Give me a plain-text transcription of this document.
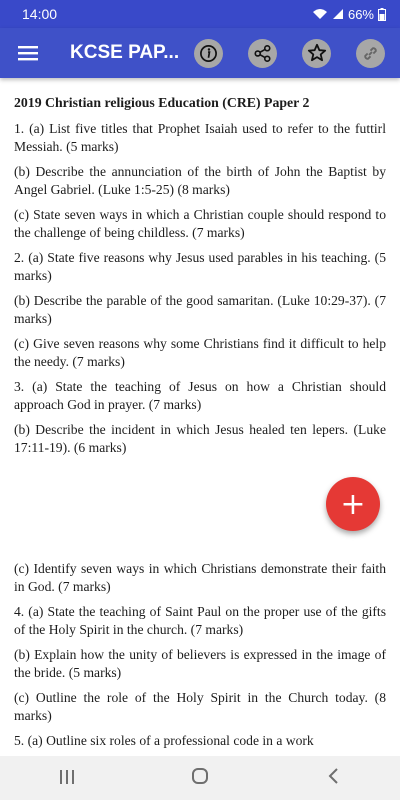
14:00	66%
KCSE PAP...
2019 Christian religious Education (CRE) Paper 2

1. (a) List five titles that Prophet Isaiah used to refer to the futtirl Messiah. (5 marks)

(b) Describe the annunciation of the birth of John the Baptist by Angel Gabriel. (Luke 1:5-25) (8 marks)

(c) State seven ways in which a Christian couple should respond to the challenge of being childless. (7 marks)

2. (a) State five reasons why Jesus used parables in his teaching. (5 marks)

(b) Describe the parable of the good samaritan. (Luke 10:29-37). (7 marks)

(c) Give seven reasons why some Christians find it difficult to help the needy. (7 marks)

3. (a) State the teaching of Jesus on how a Christian should approach God in prayer. (7 marks)

(b) Describe the incident in which Jesus healed ten lepers. (Luke 17:11-19). (6 marks)

(c) Identify seven ways in which Christians demonstrate their faith in God. (7 marks)

4. (a) State the teaching of Saint Paul on the proper use of the gifts of the Holy Spirit in the church. (7 marks)

(b) Explain how the unity of believers is expressed in the image of the bride. (5 marks)

(c) Outline the role of the Holy Spirit in the Church today. (8 marks)

5. (a) Outline six roles of a professional code in a work

+
